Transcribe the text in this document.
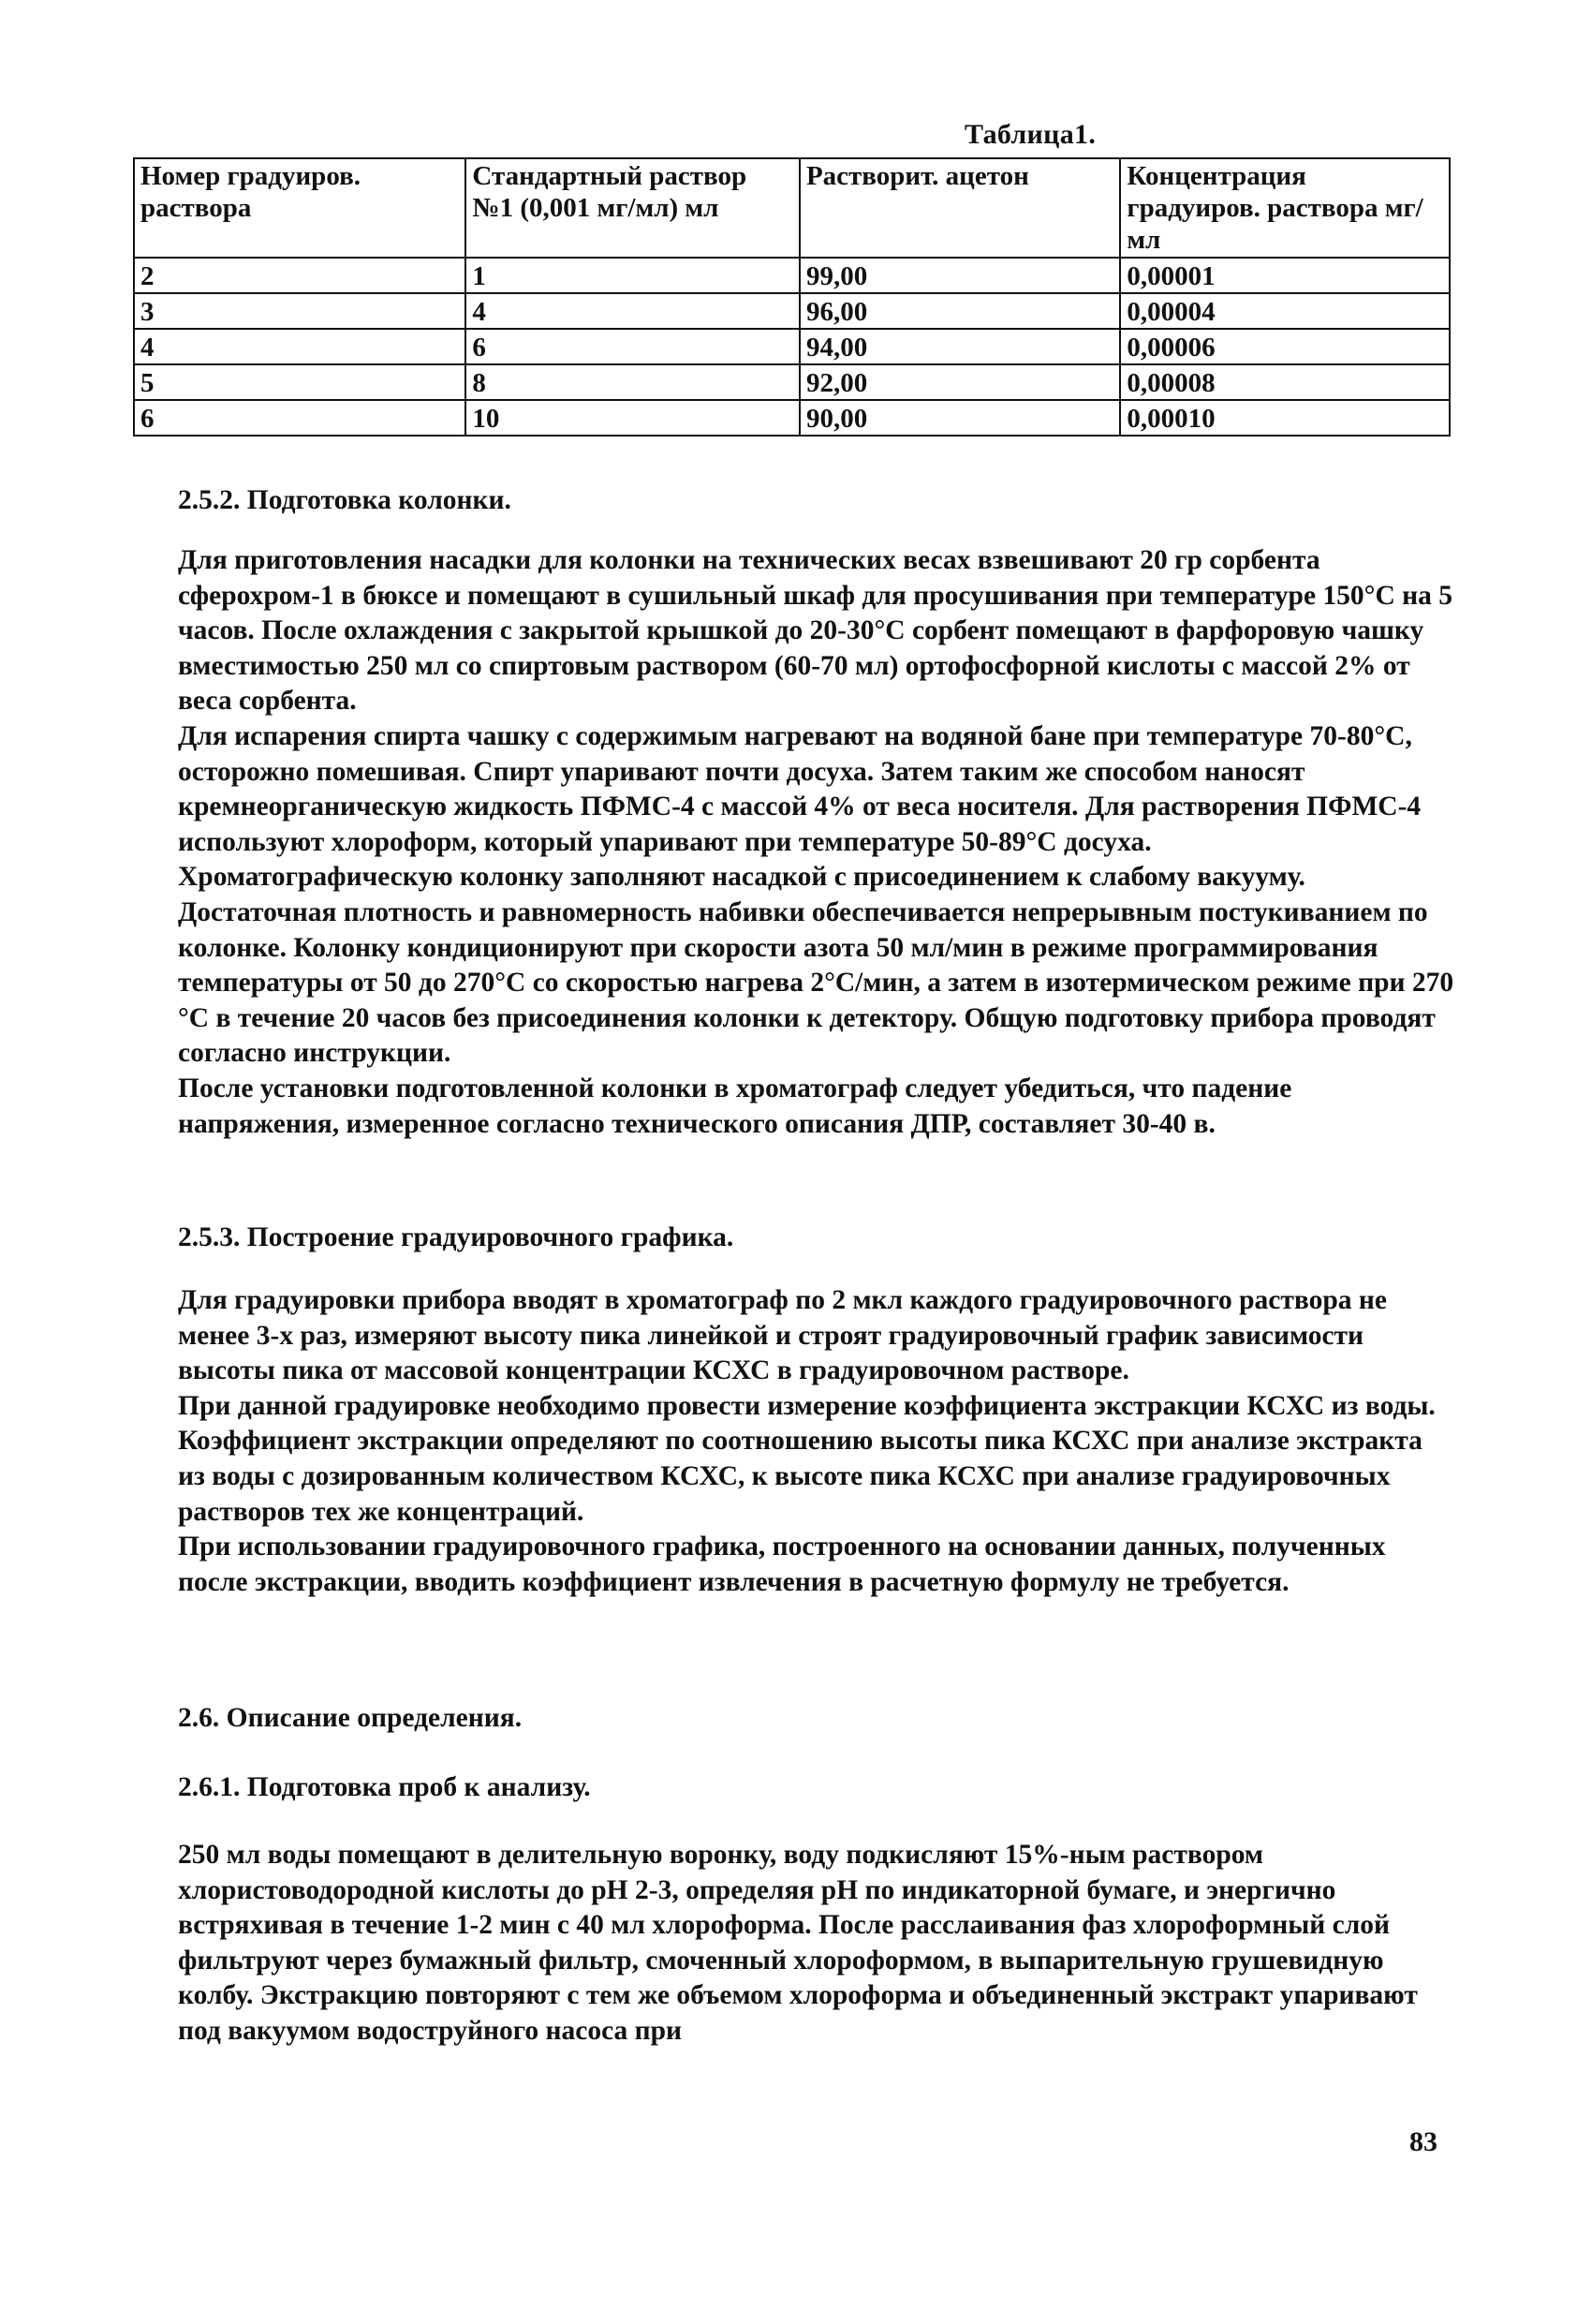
Таблица1.
Номер градуиров. раствора	Стандартный раствор №1 (0,001 мг/мл) мл	Растворит. ацетон	Концентрация градуиров. раствора мг/мл
2	1	99,00	0,00001
3	4	96,00	0,00004
4	6	94,00	0,00006
5	8	92,00	0,00008
6	10	90,00	0,00010
2.5.2. Подготовка колонки.

Для приготовления насадки для колонки на технических весах взвешивают 20 гр сорбента сферохром-1 в бюксе и помещают в сушильный шкаф для просушивания при температуре 150°С на 5 часов. После охлаждения с закрытой крышкой до 20-30°С сорбент помещают в фарфоровую чашку вместимостью 250 мл со спиртовым раствором (60-70 мл) ортофосфорной кислоты с массой 2% от веса сорбента.

Для испарения спирта чашку с содержимым нагревают на водяной бане при температуре 70-80°С, осторожно помешивая. Спирт упаривают почти досуха. Затем таким же способом наносят кремнеорганическую жидкость ПФМС-4 с массой 4% от веса носителя. Для растворения ПФМС-4 используют хлороформ, который упаривают при температуре 50-89°С досуха.

Хроматографическую колонку заполняют насадкой с присоединением к слабому вакууму. Достаточная плотность и равномерность набивки обеспечивается непрерывным постукиванием по колонке. Колонку кондиционируют при скорости азота 50 мл/мин в режиме программирования температуры от 50 до 270°С со скоростью нагрева 2°С/мин, а затем в изотермическом режиме при 270 °С в течение 20 часов без присоединения колонки к детектору. Общую подготовку прибора проводят согласно инструкции.

После установки подготовленной колонки в хроматограф следует убедиться, что падение напряжения, измеренное согласно технического описания ДПР, составляет 30-40 в.

2.5.3. Построение градуировочного графика.

Для градуировки прибора вводят в хроматограф по 2 мкл каждого градуировочного раствора не менее 3-х раз, измеряют высоту пика линейкой и строят градуировочный график зависимости высоты пика от массовой концентрации КСХС в градуировочном растворе.

При данной градуировке необходимо провести измерение коэффициента экстракции КСХС из воды. Коэффициент экстракции определяют по соотношению высоты пика КСХС при анализе экстракта из воды с дозированным количеством КСХС, к высоте пика КСХС при анализе градуировочных растворов тех же концентраций.

При использовании градуировочного графика, построенного на основании данных, полученных после экстракции, вводить коэффициент извлечения в расчетную формулу не требуется.

2.6. Описание определения.
2.6.1. Подготовка проб к анализу.

250 мл воды помещают в делительную воронку, воду подкисляют 15%-ным раствором хлористоводородной кислоты до рН 2-3, определяя рН по индикаторной бумаге, и энергично встряхивая в течение 1-2 мин с 40 мл хлороформа. После расслаивания фаз хлороформный слой фильтруют через бумажный фильтр, смоченный хлороформом, в выпарительную грушевидную колбу. Экстракцию повторяют с тем же объемом хлороформа и объединенный экстракт упаривают под вакуумом водоструйного насоса при

83
